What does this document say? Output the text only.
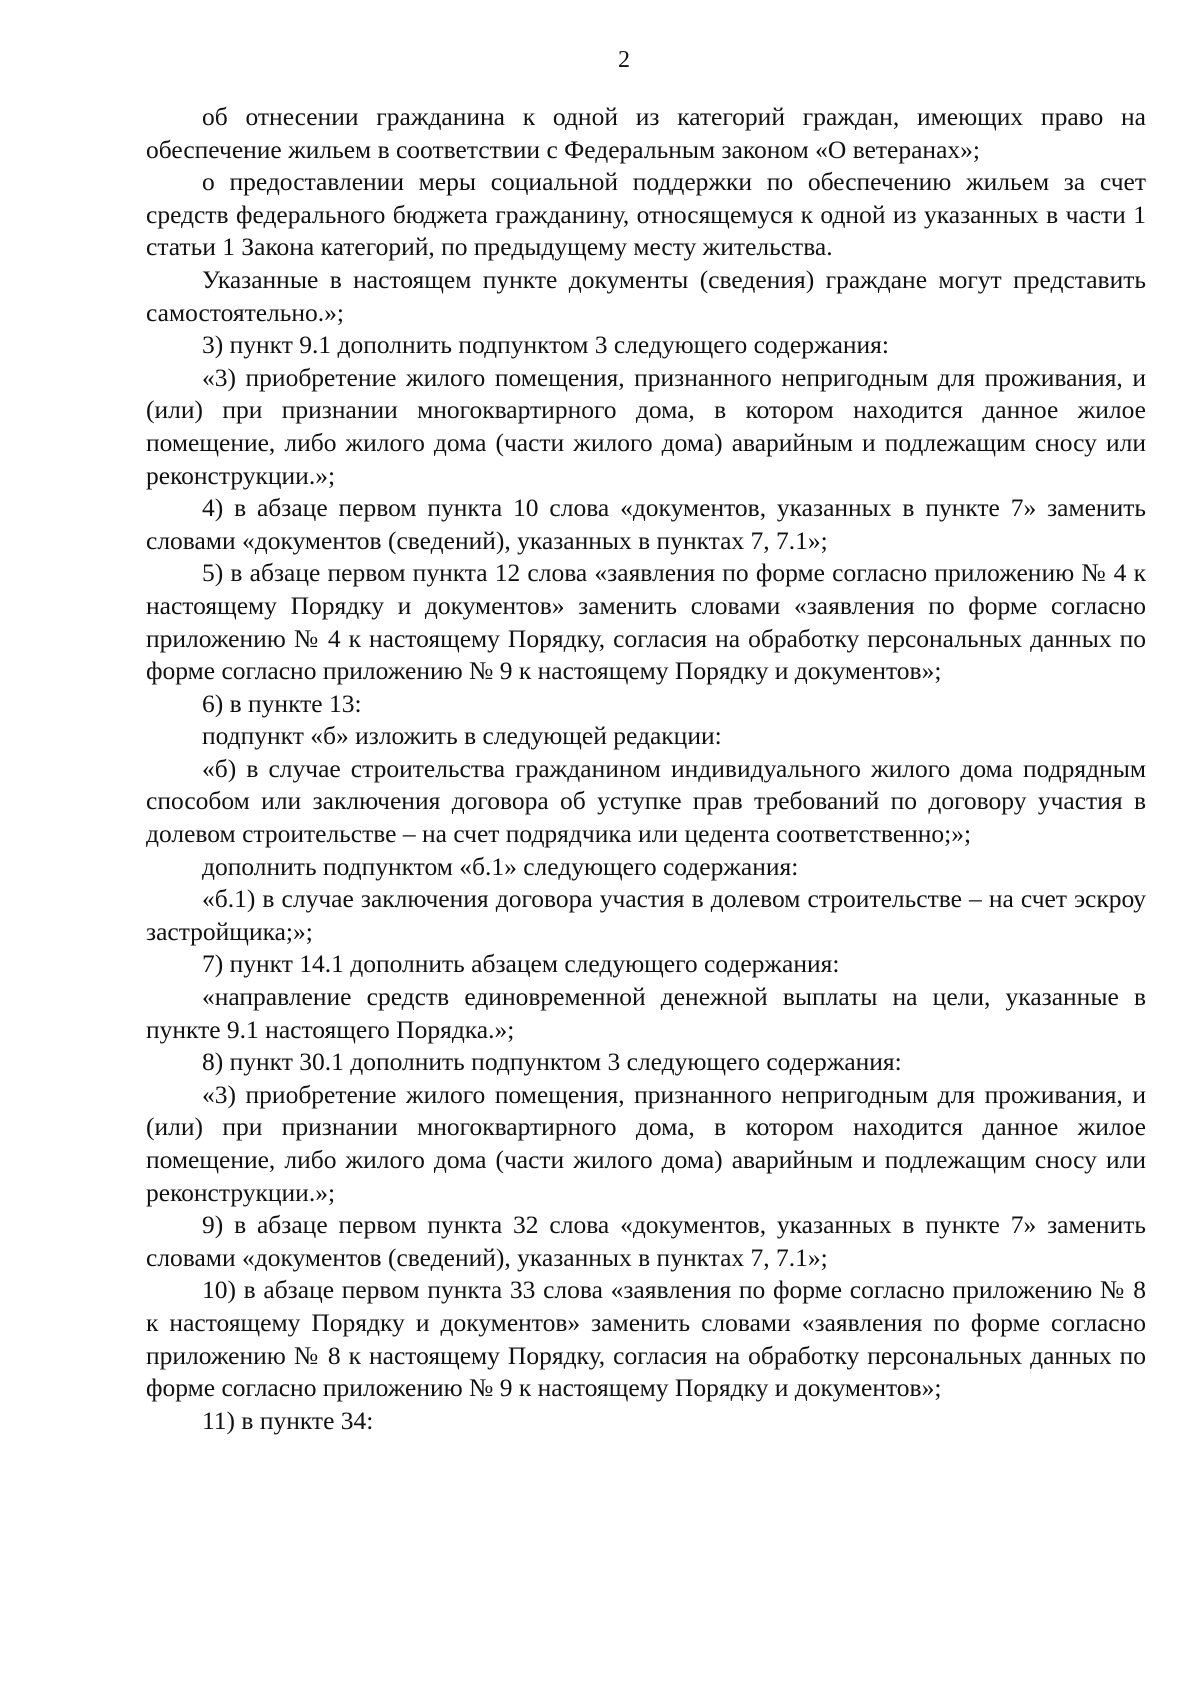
2

об отнесении гражданина к одной из категорий граждан, имеющих право на обеспечение жильем в соответствии с Федеральным законом «О ветеранах»;

о предоставлении меры социальной поддержки по обеспечению жильем за счет средств федерального бюджета гражданину, относящемуся к одной из указанных в части 1 статьи 1 Закона категорий, по предыдущему месту жительства.

Указанные в настоящем пункте документы (сведения) граждане могут представить самостоятельно.»;

3) пункт 9.1 дополнить подпунктом 3 следующего содержания:

«3) приобретение жилого помещения, признанного непригодным для проживания, и (или) при признании многоквартирного дома, в котором находится данное жилое помещение, либо жилого дома (части жилого дома) аварийным и подлежащим сносу или реконструкции.»;

4) в абзаце первом пункта 10 слова «документов, указанных в пункте 7» заменить словами «документов (сведений), указанных в пунктах 7, 7.1»;

5) в абзаце первом пункта 12 слова «заявления по форме согласно приложению № 4 к настоящему Порядку и документов» заменить словами «заявления по форме согласно приложению № 4 к настоящему Порядку, согласия на обработку персональных данных по форме согласно приложению № 9 к настоящему Порядку и документов»;

6) в пункте 13:

подпункт «б» изложить в следующей редакции:

«б) в случае строительства гражданином индивидуального жилого дома подрядным способом или заключения договора об уступке прав требований по договору участия в долевом строительстве – на счет подрядчика или цедента соответственно;»;

дополнить подпунктом «б.1» следующего содержания:

«б.1) в случае заключения договора участия в долевом строительстве – на счет эскроу застройщика;»;

7) пункт 14.1 дополнить абзацем следующего содержания:

«направление средств единовременной денежной выплаты на цели, указанные в пункте 9.1 настоящего Порядка.»;

8) пункт 30.1 дополнить подпунктом 3 следующего содержания:

«3) приобретение жилого помещения, признанного непригодным для проживания, и (или) при признании многоквартирного дома, в котором находится данное жилое помещение, либо жилого дома (части жилого дома) аварийным и подлежащим сносу или реконструкции.»;

9) в абзаце первом пункта 32 слова «документов, указанных в пункте 7» заменить словами «документов (сведений), указанных в пунктах 7, 7.1»;

10) в абзаце первом пункта 33 слова «заявления по форме согласно приложению № 8 к настоящему Порядку и документов» заменить словами «заявления по форме согласно приложению № 8 к настоящему Порядку, согласия на обработку персональных данных по форме согласно приложению № 9 к настоящему Порядку и документов»;

11) в пункте 34:
